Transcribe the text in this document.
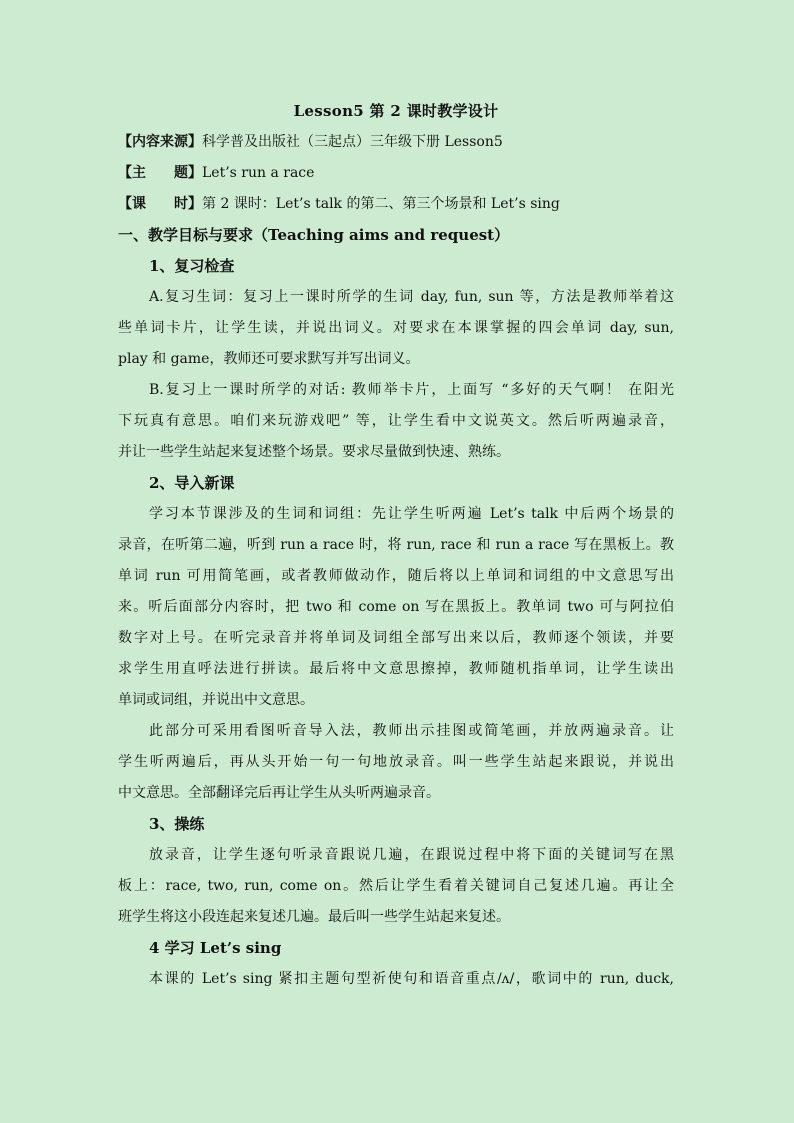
Lesson5 第 2 课时教学设计
【内容来源】科学普及出版社（三起点）三年级下册 Lesson5
【主　　题】Let’s run a race
【课　　时】第 2 课时：Let’s talk 的第二、第三个场景和 Let’s sing
一、教学目标与要求（Teaching aims and request）
1、复习检查
A.复习生词：复习上一课时所学的生词 day, fun, sun 等，方法是教师举着这
些单词卡片，让学生读，并说出词义。对要求在本课掌握的四会单词 day, sun,
play 和 game，教师还可要求默写并写出词义。
B.复习上一课时所学的对话: 教师举卡片，上面写 “多好的天气啊！ 在阳光
下玩真有意思。咱们来玩游戏吧” 等，让学生看中文说英文。然后听两遍录音，
并让一些学生站起来复述整个场景。要求尽量做到快速、熟练。
2、导入新课
学习本节课涉及的生词和词组：先让学生听两遍 Let’s talk 中后两个场景的
录音，在听第二遍，听到 run a race 时，将 run, race 和 run a race 写在黑板上。教
单词 run 可用简笔画，或者教师做动作，随后将以上单词和词组的中文意思写出
来。听后面部分内容时，把 two 和 come on 写在黑扳上。教单词 two 可与阿拉伯
数字对上号。在听完录音并将单词及词组全部写出来以后，教师逐个领读，并要
求学生用直呼法进行拼读。最后将中文意思擦掉，教师随机指单词，让学生读出
单词或词组，并说出中文意思。
此部分可采用看图听音导入法，教师出示挂图或简笔画，并放两遍录音。让
学生听两遍后，再从头开始一句一句地放录音。叫一些学生站起来跟说，并说出
中文意思。全部翻译完后再让学生从头听两遍录音。
3、操练
放录音，让学生逐句听录音跟说几遍，在跟说过程中将下面的关键词写在黑
板上：race, two, run, come on。然后让学生看着关键词自己复述几遍。再让全
班学生将这小段连起来复述几遍。最后叫一些学生站起来复述。
4 学习 Let’s sing
本课的 Let’s sing 紧扣主题句型祈使句和语音重点/ʌ/，歌词中的 run, duck,
